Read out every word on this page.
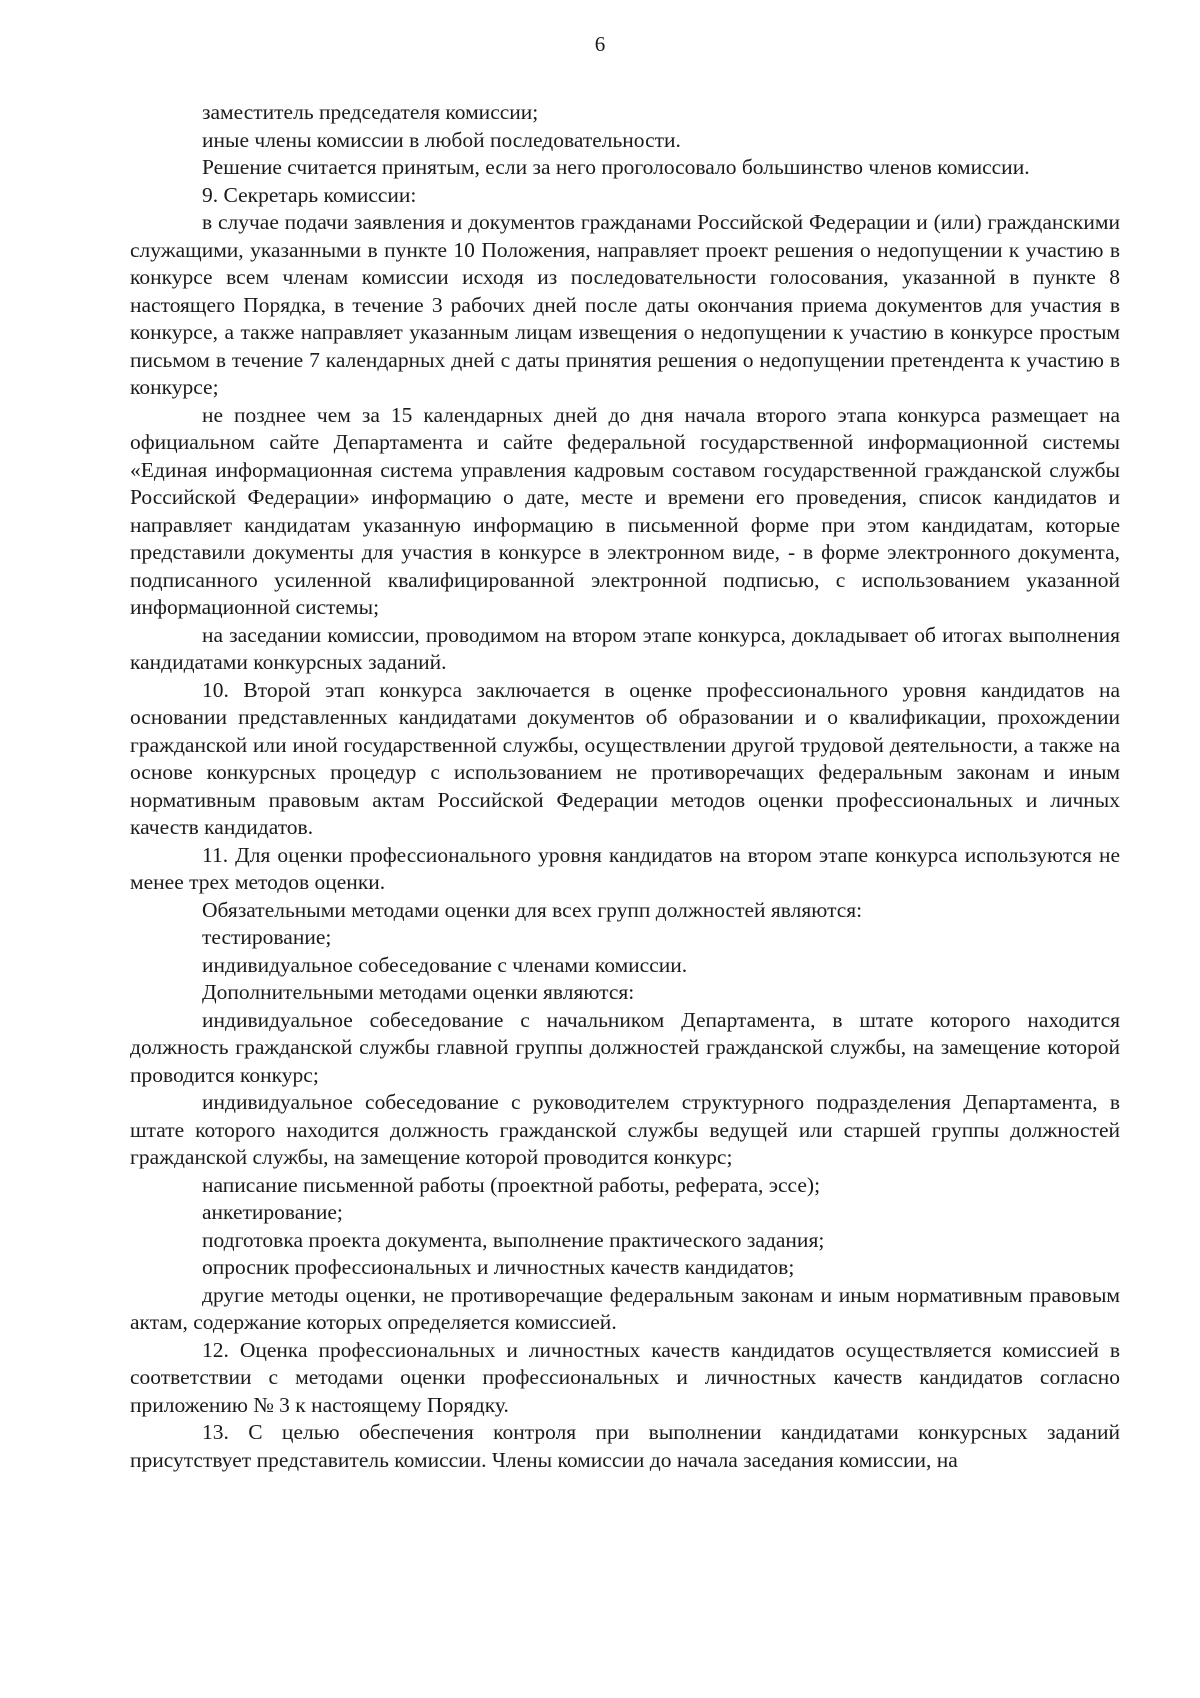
6

заместитель председателя комиссии;

иные члены комиссии в любой последовательности.

Решение считается принятым, если за него проголосовало большинство членов комиссии.

9. Секретарь комиссии:

в случае подачи заявления и документов гражданами Российской Федерации и (или) гражданскими служащими, указанными в пункте 10 Положения, направляет проект решения о недопущении к участию в конкурсе всем членам комиссии исходя из последовательности голосования, указанной в пункте 8 настоящего Порядка, в течение 3 рабочих дней после даты окончания приема документов для участия в конкурсе, а также направляет указанным лицам извещения о недопущении к участию в конкурсе простым письмом в течение 7 календарных дней с даты принятия решения о недопущении претендента к участию в конкурсе;

не позднее чем за 15 календарных дней до дня начала второго этапа конкурса размещает на официальном сайте Департамента и сайте федеральной государственной информационной системы «Единая информационная система управления кадровым составом государственной гражданской службы Российской Федерации» информацию о дате, месте и времени его проведения, список кандидатов и направляет кандидатам указанную информацию в письменной форме при этом кандидатам, которые представили документы для участия в конкурсе в электронном виде, - в форме электронного документа, подписанного усиленной квалифицированной электронной подписью, с использованием указанной информационной системы;

на заседании комиссии, проводимом на втором этапе конкурса, докладывает об итогах выполнения кандидатами конкурсных заданий.

10. Второй этап конкурса заключается в оценке профессионального уровня кандидатов на основании представленных кандидатами документов об образовании и о квалификации, прохождении гражданской или иной государственной службы, осуществлении другой трудовой деятельности, а также на основе конкурсных процедур с использованием не противоречащих федеральным законам и иным нормативным правовым актам Российской Федерации методов оценки профессиональных и личных качеств кандидатов.

11. Для оценки профессионального уровня кандидатов на втором этапе конкурса используются не менее трех методов оценки.

Обязательными методами оценки для всех групп должностей являются:

тестирование;

индивидуальное собеседование с членами комиссии.

Дополнительными методами оценки являются:

индивидуальное собеседование с начальником Департамента, в штате которого находится должность гражданской службы главной группы должностей гражданской службы, на замещение которой проводится конкурс;

индивидуальное собеседование с руководителем структурного подразделения Департамента, в штате которого находится должность гражданской службы ведущей или старшей группы должностей гражданской службы, на замещение которой проводится конкурс;

написание письменной работы (проектной работы, реферата, эссе);

анкетирование;

подготовка проекта документа, выполнение практического задания;

опросник профессиональных и личностных качеств кандидатов;

другие методы оценки, не противоречащие федеральным законам и иным нормативным правовым актам, содержание которых определяется комиссией.

12. Оценка профессиональных и личностных качеств кандидатов осуществляется комиссией в соответствии с методами оценки профессиональных и личностных качеств кандидатов согласно приложению № 3 к настоящему Порядку.

13. С целью обеспечения контроля при выполнении кандидатами конкурсных заданий присутствует представитель комиссии. Члены комиссии до начала заседания комиссии, на
